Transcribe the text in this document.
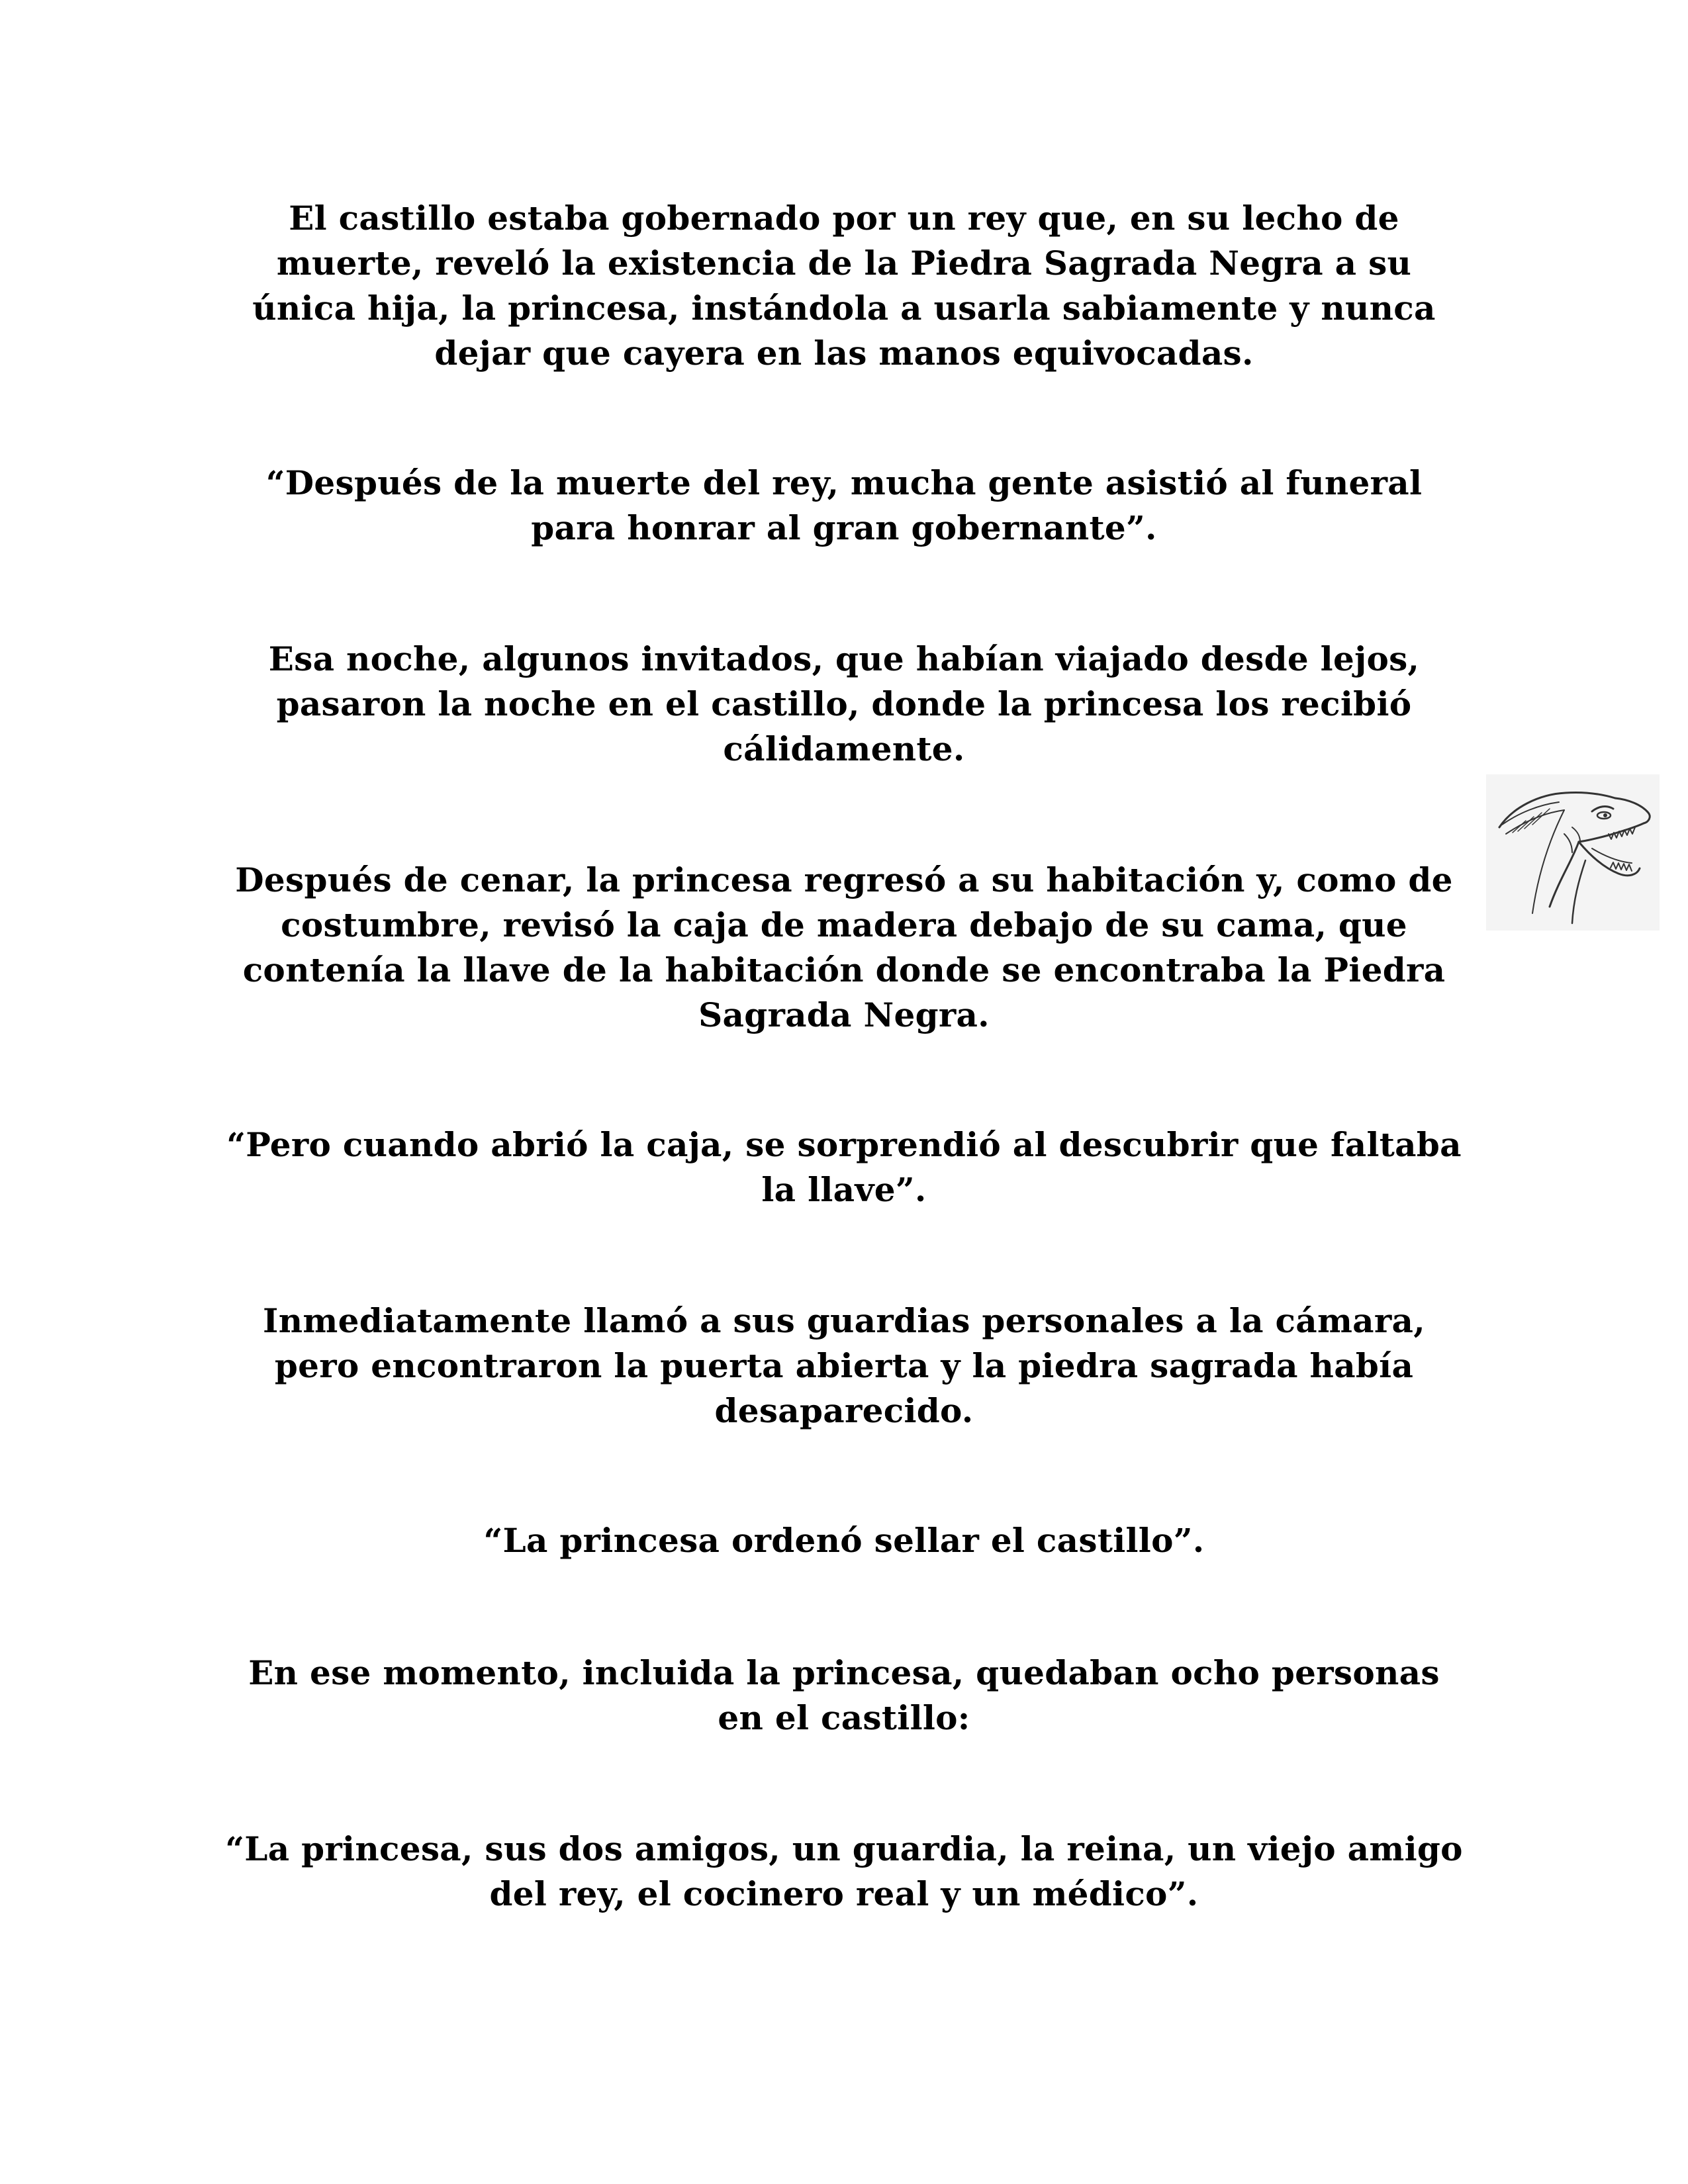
El castillo estaba gobernado por un rey que, en su lecho de muerte, reveló la existencia de la Piedra Sagrada Negra a su única hija, la princesa, instándola a usarla sabiamente y nunca dejar que cayera en las manos equivocadas.

“Después de la muerte del rey, mucha gente asistió al funeral para honrar al gran gobernante”.

Esa noche, algunos invitados, que habían viajado desde lejos, pasaron la noche en el castillo, donde la princesa los recibió cálidamente.

Después de cenar, la princesa regresó a su habitación y, como de costumbre, revisó la caja de madera debajo de su cama, que contenía la llave de la habitación donde se encontraba la Piedra Sagrada Negra.

“Pero cuando abrió la caja, se sorprendió al descubrir que faltaba la llave”.

Inmediatamente llamó a sus guardias personales a la cámara, pero encontraron la puerta abierta y la piedra sagrada había desaparecido.

“La princesa ordenó sellar el castillo”.

En ese momento, incluida la princesa, quedaban ocho personas en el castillo:

“La princesa, sus dos amigos, un guardia, la reina, un viejo amigo del rey, el cocinero real y un médico”.
